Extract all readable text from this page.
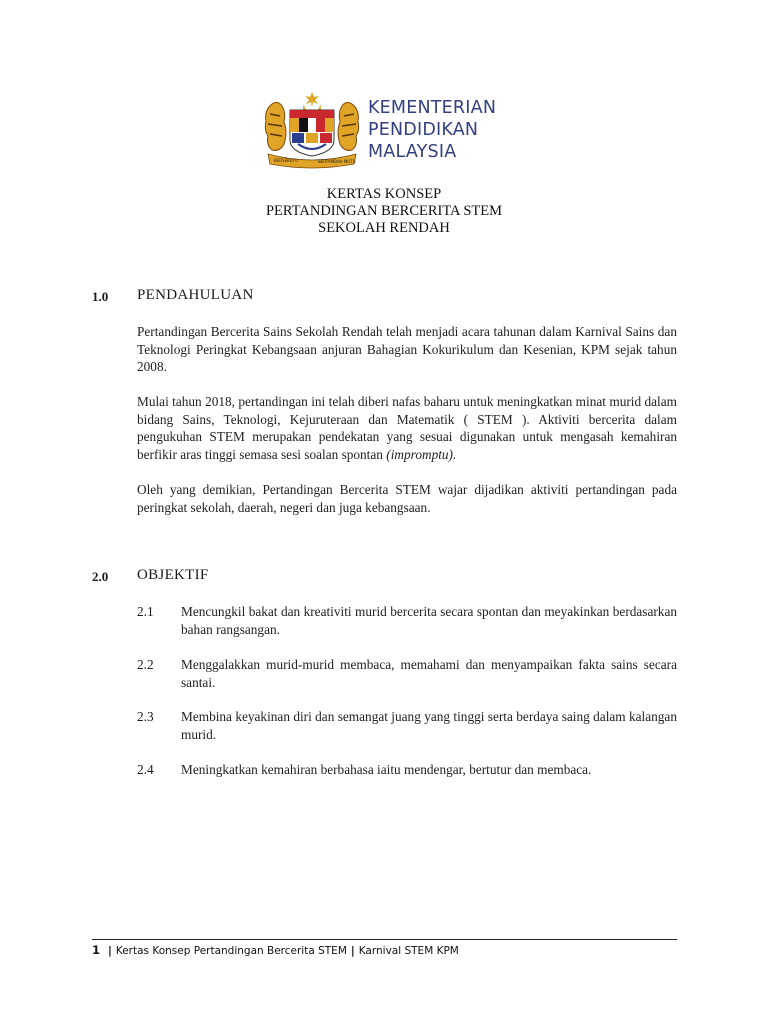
BERSEKUTU	BERTAMBAH MUTU
KEMENTERIAN
PENDIDIKAN
MALAYSIA
KERTAS KONSEP
PERTANDINGAN BERCERITA STEM
SEKOLAH RENDAH
1.0 PENDAHULUAN

Pertandingan Bercerita Sains Sekolah Rendah telah menjadi acara tahunan dalam Karnival Sains dan Teknologi Peringkat Kebangsaan anjuran Bahagian Kokurikulum dan Kesenian, KPM sejak tahun 2008.

Mulai tahun 2018, pertandingan ini telah diberi nafas baharu untuk meningkatkan minat murid dalam bidang Sains, Teknologi, Kejuruteraan dan Matematik ( STEM ). Aktiviti bercerita dalam pengukuhan STEM merupakan pendekatan yang sesuai digunakan untuk mengasah kemahiran berfikir aras tinggi semasa sesi soalan spontan (impromptu).

Oleh yang demikian, Pertandingan Bercerita STEM wajar dijadikan aktiviti pertandingan pada peringkat sekolah, daerah, negeri dan juga kebangsaan.

2.0 OBJEKTIF
2.1 Mencungkil bakat dan kreativiti murid bercerita secara spontan dan meyakinkan berdasarkan bahan rangsangan.

2.2 Menggalakkan murid-murid membaca, memahami dan menyampaikan fakta sains secara santai.

2.3 Membina keyakinan diri dan semangat juang yang tinggi serta berdaya saing dalam kalangan murid.

2.4 Meningkatkan kemahiran berbahasa iaitu mendengar, bertutur dan membaca.

1 | Kertas Konsep Pertandingan Bercerita STEM | Karnival STEM KPM
